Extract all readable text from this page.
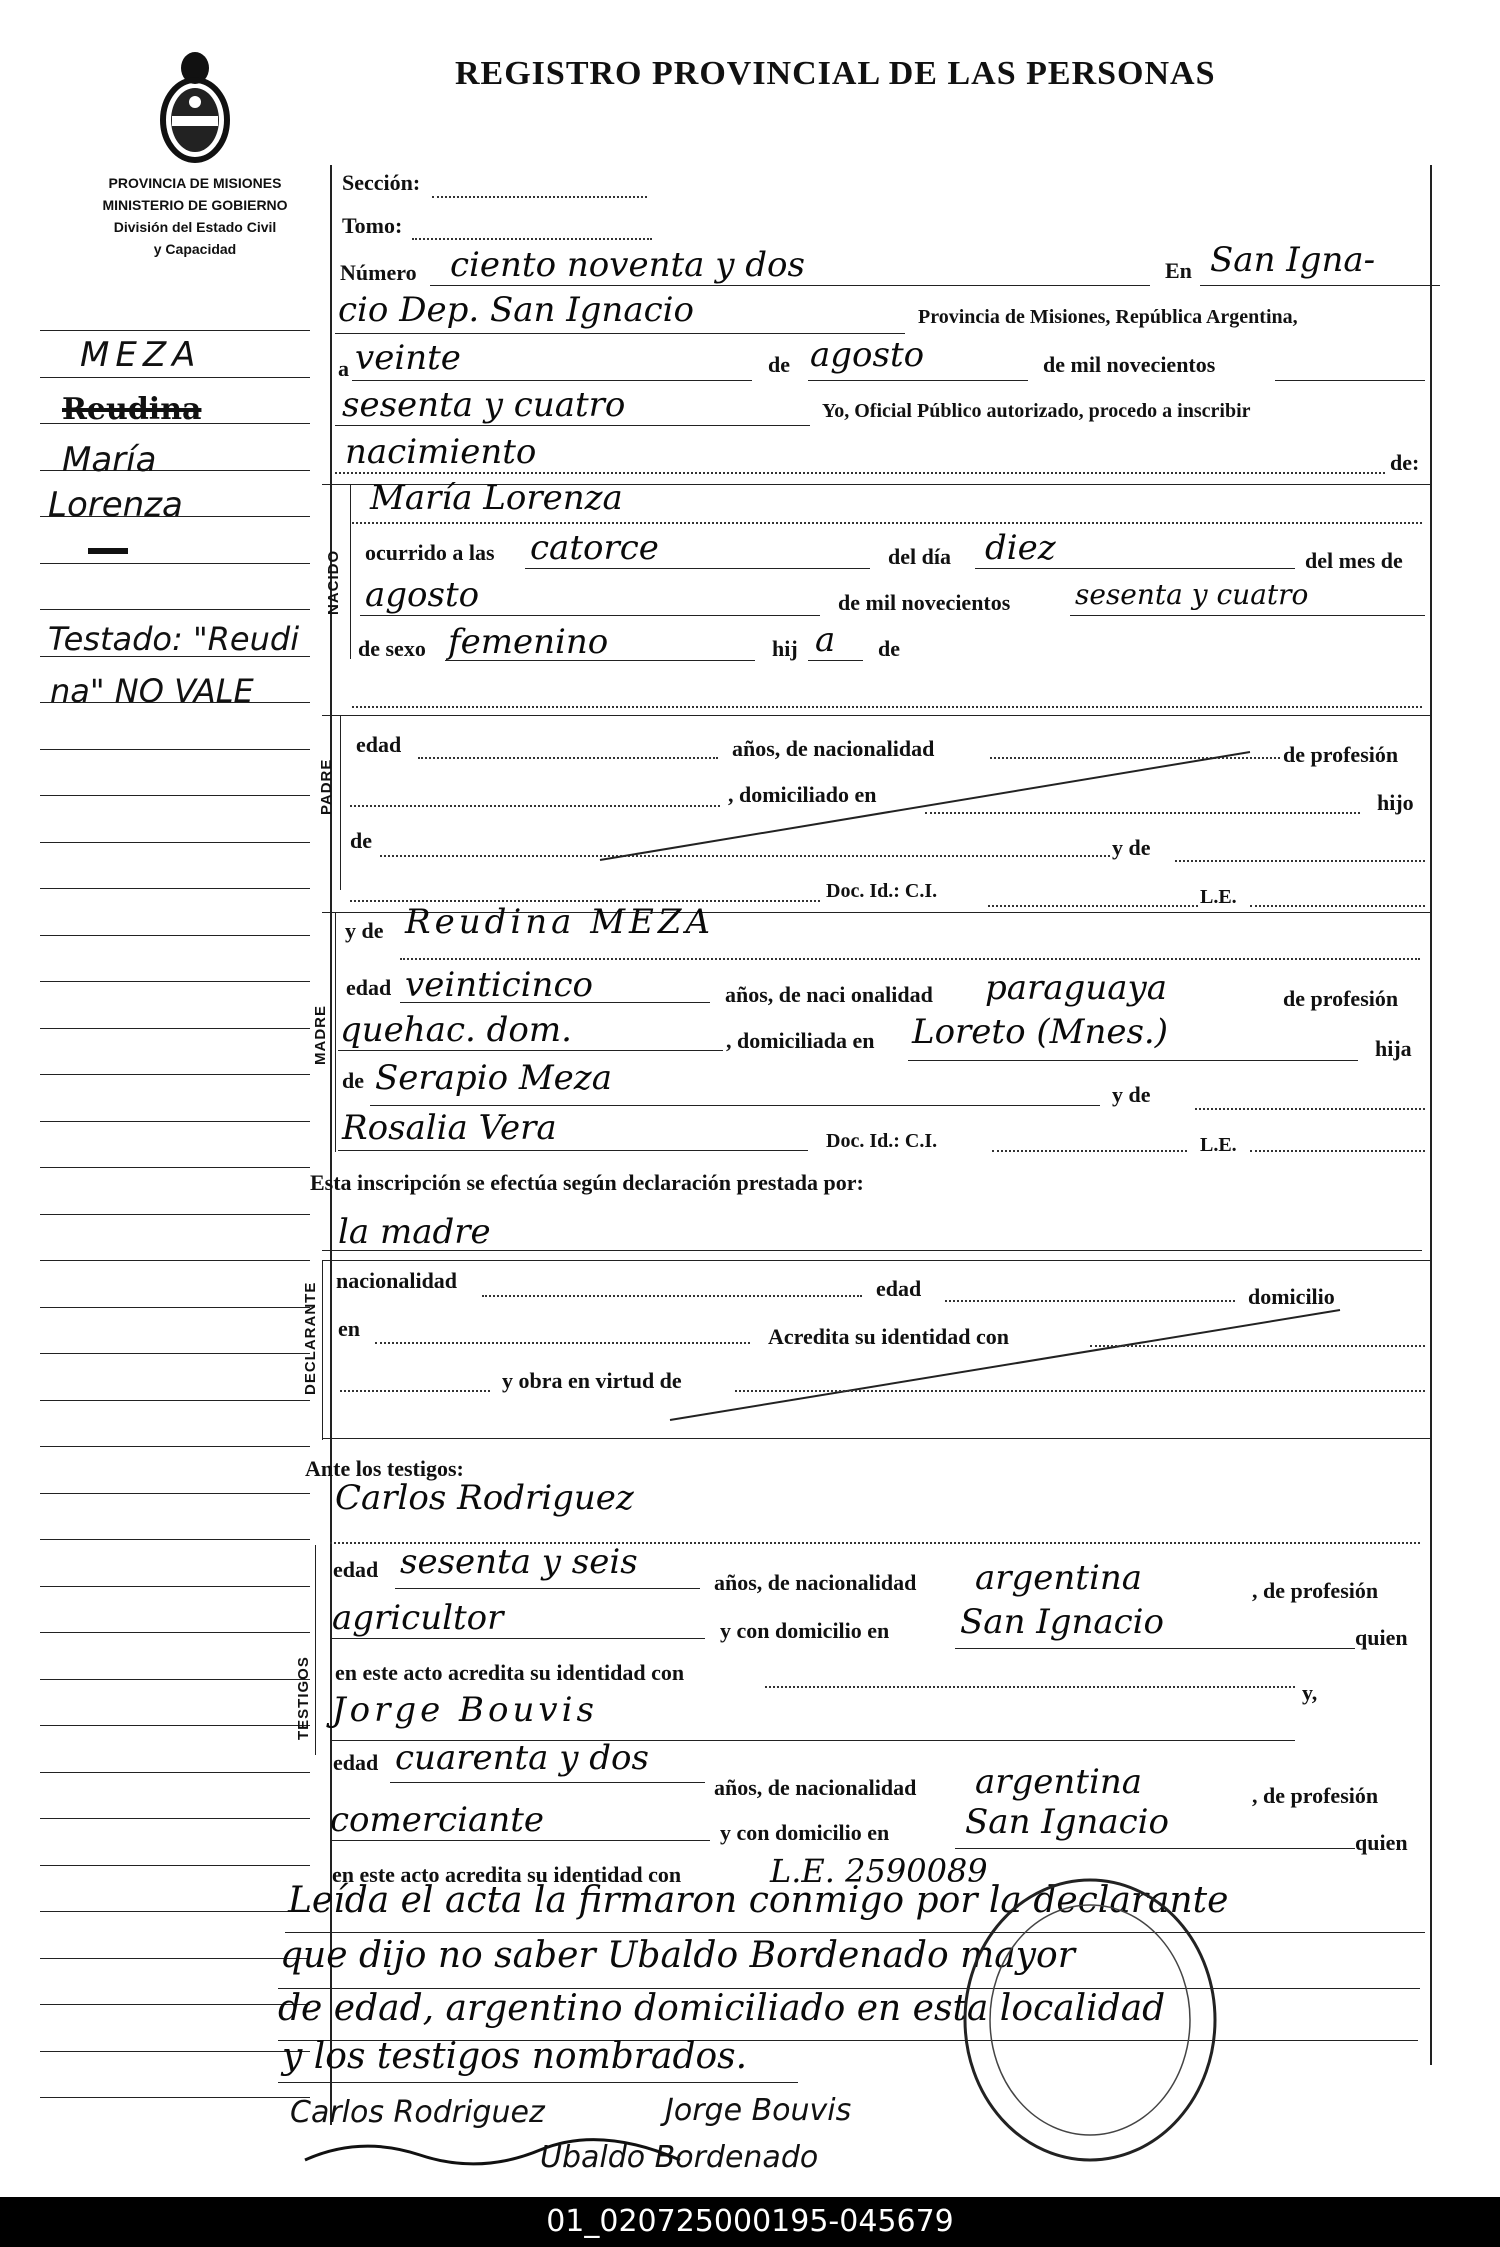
REGISTRO PROVINCIAL DE LAS PERSONAS
PROVINCIA DE MISIONES
MINISTERIO DE GOBIERNO
División del Estado Civil
y Capacidad
MEZA
Reudina
María
Lorenza
Testado: "Reudi
na" NO VALE
Sección:
Tomo:
Número ciento noventa y dos	En San Igna-
cio Dep. San Ignacio	Provincia de Misiones, República Argentina,
a veinte	de agosto	de mil novecientos
sesenta y cuatro	Yo, Oficial Público autorizado, procedo a inscribir
nacimiento	de:
NACIDO
María Lorenza
ocurrido a las catorce	del día diez	del mes de
agosto	de mil novecientos sesenta y cuatro
de sexo femenino	hij a de
PADRE
edad	años, de nacionalidad	de profesión
, domiciliado en	hijo
de	y de
Doc. Id.: C.I.	L.E.
MADRE
y de Reudina MEZA
edad veinticinco	años, de naci onalidad paraguaya	de profesión
quehac. dom.	, domiciliada en Loreto (Mnes.)	hija
de Serapio Meza	y de
Rosalia Vera	Doc. Id.: C.I.	L.E.
Esta inscripción se efectúa según declaración prestada por:
la madre
DECLARANTE
nacionalidad	edad	domicilio
en	Acredita su identidad con
y obra en virtud de
Ante los testigos:
Carlos Rodriguez
TESTIGOS
edad sesenta y seis
años, de nacionalidad argentina	, de profesión
agricultor	y con domicilio en San Ignacio	quien
en este acto acredita su identidad con
Jorge Bouvis	y,
edad cuarenta y dos
años, de nacionalidad argentina	, de profesión
comerciante	y con domicilio en San Ignacio
quien
en este acto acredita su identidad con	L.E. 2590089
Leída el acta la firmaron conmigo por la declarante
que dijo no saber Ubaldo Bordenado mayor
de edad, argentino domiciliado en esta localidad
y los testigos nombrados.
Carlos Rodriguez	Jorge Bouvis
Ubaldo Bordenado
01_020725000195-045679
